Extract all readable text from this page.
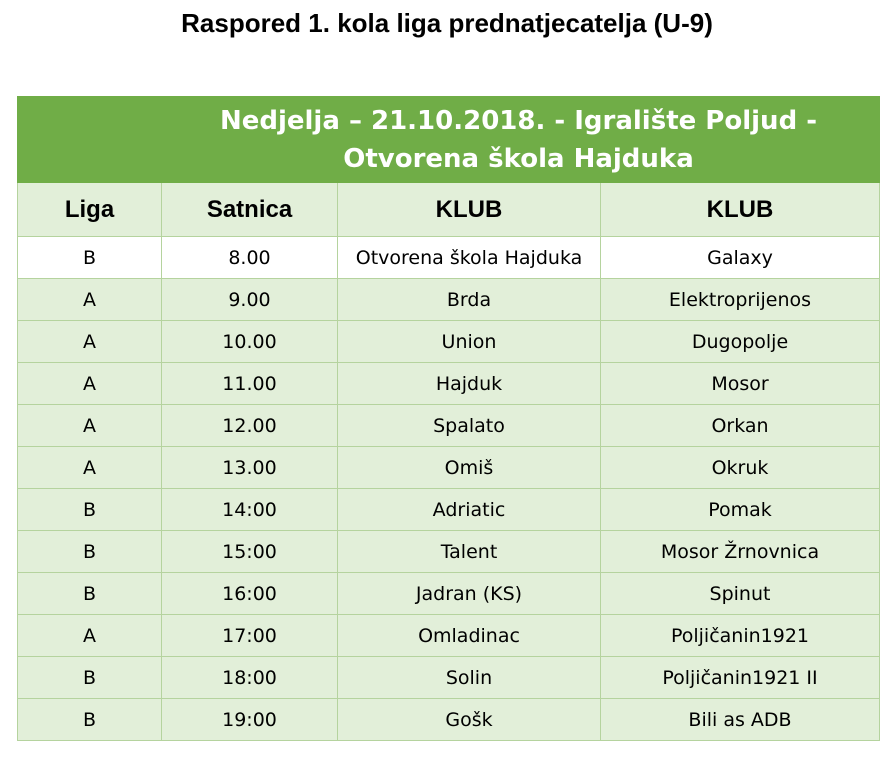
Raspored 1. kola liga prednatjecatelja (U-9)
Nedjelja – 21.10.2018. - Igralište Poljud -
Otvorena škola Hajduka			

Liga	Satnica	KLUB	KLUB
B	8.00	Otvorena škola Hajduka	Galaxy
A	9.00	Brda	Elektroprijenos
A	10.00	Union	Dugopolje
A	11.00	Hajduk	Mosor
A	12.00	Spalato	Orkan
A	13.00	Omiš	Okruk
B	14:00	Adriatic	Pomak
B	15:00	Talent	Mosor Žrnovnica
B	16:00	Jadran (KS)	Spinut
A	17:00	Omladinac	Poljičanin1921
B	18:00	Solin	Poljičanin1921 II
B	19:00	Gošk	Bili as ADB
